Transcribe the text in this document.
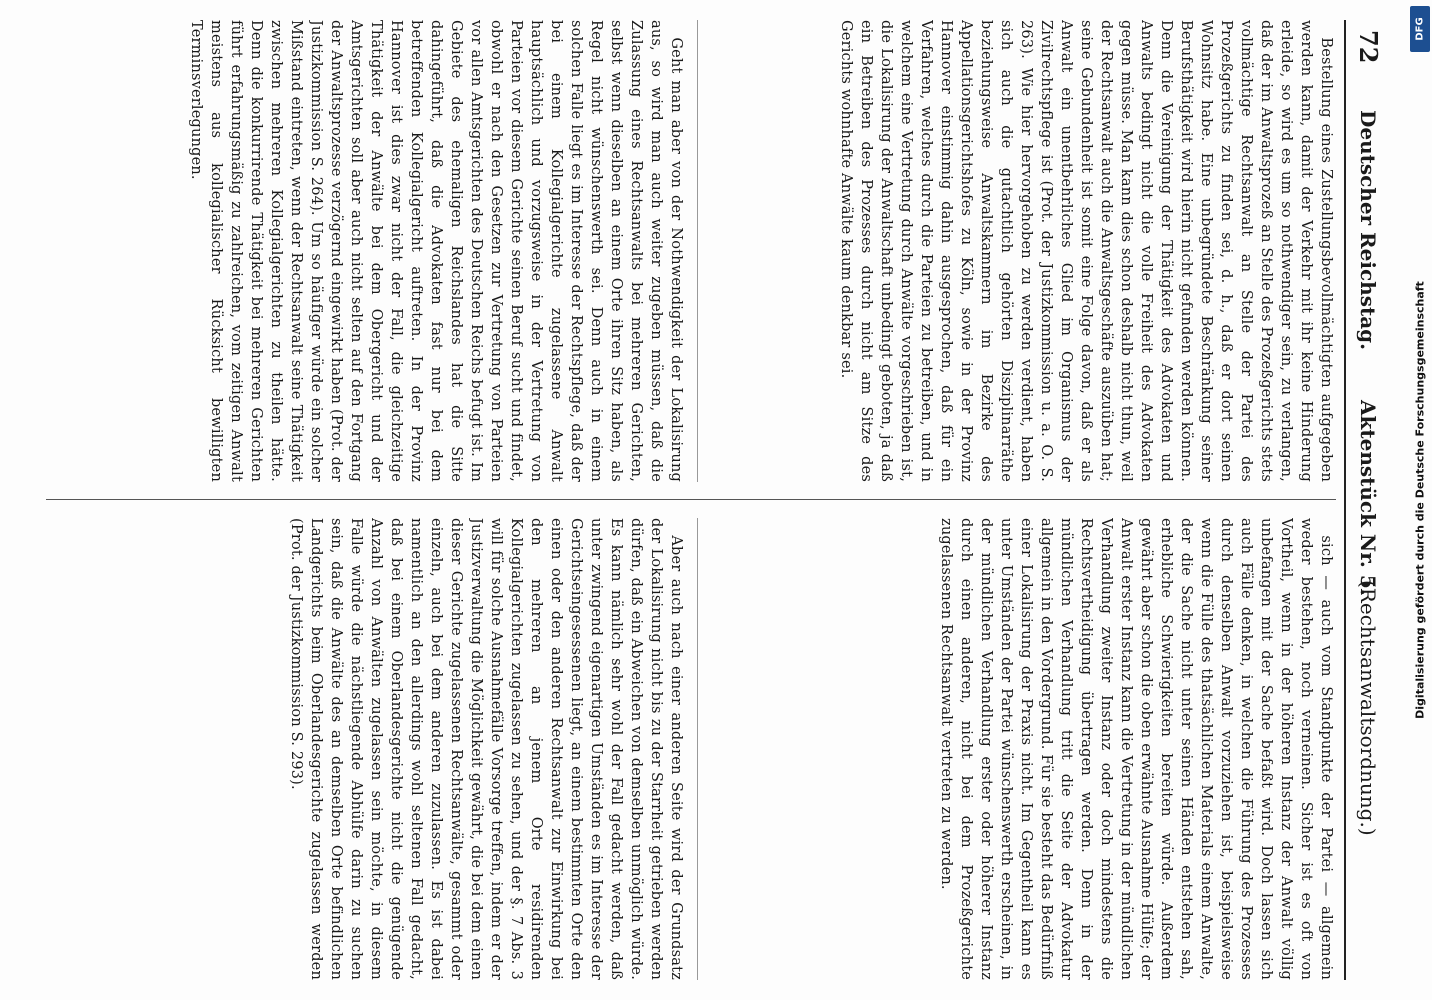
72
Deutscher Reichstag.
Aktenstück Nr. 5.
(Rechtsanwaltsordnung.)

Bestellung eines Zustellungsbevollmächtigten aufgegeben werden kann, damit der Verkehr mit ihr keine Hinderung erleide, so wird es um so nothwendiger sein, zu verlangen, daß der im Anwaltsprozeß an Stelle des Prozeßgerichts stets vollmächtige Rechtsanwalt an Stelle der Partei des Prozeßgerichts zu finden sei, d. h., daß er dort seinen Wohnsitz habe. Eine unbegründete Beschränkung seiner Berufsthätigkeit wird hierin nicht gefunden werden können. Denn die Vereinigung der Thätigkeit des Advokaten und Anwalts bedingt nicht die volle Freiheit des Advokaten gegen müsse. Man kann dies schon deshalb nicht thun, weil der Rechtsanwalt auch die Anwaltsgeschäfte auszuüben hat; seine Gebundenheit ist somit eine Folge davon, daß er als Anwalt ein unentbehrliches Glied im Organismus der Zivilrechtspflege ist (Prot. der Justizkommission u. a. O. S. 263). Wie hier hervorgehoben zu werden verdient, haben sich auch die gutachtlich gehörten Disziplinarräthe beziehungsweise Anwaltskammern im Bezirke des Appellationsgerichtshofes zu Köln, sowie in der Provinz Hannover einstimmig dahin ausgesprochen, daß für ein Verfahren, welches durch die Parteien zu betreiben, und in welchem eine Vertretung durch Anwälte vorgeschrieben ist, die Lokalisirung der Anwaltschaft unbedingt geboten, ja daß ein Betreiben des Prozesses durch nicht am Sitze des Gerichts wohnhafte Anwälte kaum denkbar sei.

Geht man aber von der Nothwendigkeit der Lokalisirung aus, so wird man auch weiter zugeben müssen, daß die Zulassung eines Rechtsanwalts bei mehreren Gerichten, selbst wenn dieselben an einem Orte ihren Sitz haben, als Regel nicht wünschenswerth sei. Denn auch in einem solchen Falle liegt es im Interesse der Rechtspflege, daß der bei einem Kollegialgerichte zugelassene Anwalt hauptsächlich und vorzugsweise in der Vertretung von Parteien vor diesem Gerichte seinen Beruf sucht und findet, obwohl er nach den Gesetzen zur Vertretung von Parteien vor allen Amtsgerichten des Deutschen Reichs befugt ist. Im Gebiete des ehemaligen Reichslandes hat die Sitte dahingeführt, daß die Advokaten fast nur bei dem betreffenden Kollegialgericht auftreten. In der Provinz Hannover ist dies zwar nicht der Fall, die gleichzeitige Thätigkeit der Anwälte bei dem Obergericht und der Amtsgerichten soll aber auch nicht selten auf den Fortgang der Anwaltsprozesse verzögernd eingewirkt haben (Prot. der Justizkommission S. 264). Um so häufiger würde ein solcher Mißstand eintreten, wenn der Rechtsanwalt seine Thätigkeit zwischen mehreren Kollegialgerichten zu theilen hätte. Denn die konkurrirende Thätigkeit bei mehreren Gerichten führt erfahrungsmäßig zu zahlreichen, vom zeitigen Anwalt meistens aus kollegialischer Rücksicht bewilligten Terminsverlegungen.

sich — auch vom Standpunkte der Partei — allgemein weder bestehen, noch verneinen. Sicher ist es oft von Vortheil, wenn in der höheren Instanz der Anwalt völlig unbefangen mit der Sache befaßt wird. Doch lassen sich auch Fälle denken, in welchen die Führung des Prozesses durch denselben Anwalt vorzuziehen ist, beispielsweise wenn die Fülle des thatsächlichen Materials einem Anwalte, der die Sache nicht unter seinen Händen entstehen sah, erhebliche Schwierigkeiten bereiten würde. Außerdem gewährt aber schon die oben erwähnte Ausnahme Hülfe; der Anwalt erster Instanz kann die Vertretung in der mündlichen Verhandlung zweiter Instanz oder doch mindestens die Rechtsvertheidigung übertragen werden. Denn in der mündlichen Verhandlung tritt die Seite der Advokatur allgemein in den Vordergrund. Für sie besteht das Bedürfniß einer Lokalisirung der Praxis nicht. Im Gegentheil kann es unter Umständen der Partei wünschenswerth erscheinen, in der mündlichen Verhandlung erster oder höherer Instanz durch einen anderen, nicht bei dem Prozeßgerichte zugelassenen Rechtsanwalt vertreten zu werden.

Aber auch nach einer anderen Seite wird der Grundsatz der Lokalisirung nicht bis zu der Starrheit getrieben werden dürfen, daß ein Abweichen von demselben unmöglich würde. Es kann nämlich sehr wohl der Fall gedacht werden, daß unter zwingend eigenartigen Umständen es im Interesse der Gerichtseingesessenen liegt, an einem bestimmten Orte den einen oder den anderen Rechtsanwalt zur Einwirkung bei den mehreren an jenem Orte residirenden Kollegialgerichten zugelassen zu sehen, und der §. 7 Abs. 3 will für solche Ausnahmefälle Vorsorge treffen, indem er der Justizverwaltung die Möglichkeit gewährt, die bei dem einen dieser Gerichte zugelassenen Rechtsanwälte, gesammt oder einzeln, auch bei dem anderen zuzulassen. Es ist dabei namentlich an den allerdings wohl seltenen Fall gedacht, daß bei einem Oberlandesgerichte nicht die genügende Anzahl von Anwälten zugelassen sein möchte, in diesem Falle würde die nächstliegende Abhülfe darin zu suchen sein, daß die Anwälte des an demselben Orte befindlichen Landgerichts beim Oberlandesgerichte zugelassen werden (Prot. der Justizkommission S. 293).

DFG
Digitalisierung gefördert durch die Deutsche Forschungsgemeinschaft
